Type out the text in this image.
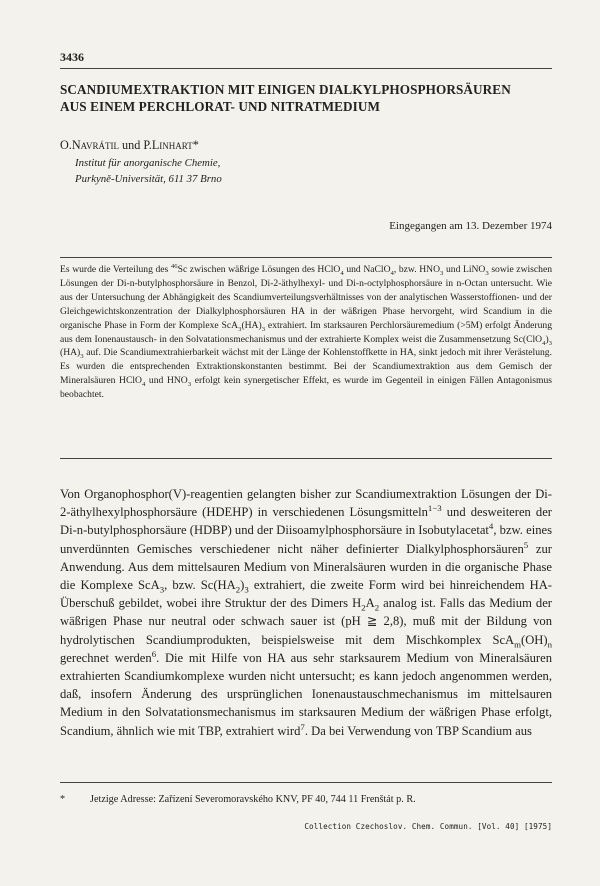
3436
SCANDIUMEXTRAKTION MIT EINIGEN DIALKYLPHOSPHORSÄUREN
AUS EINEM PERCHLORAT- UND NITRATMEDIUM
O.Navrátil und P.Linhart*
Institut für anorganische Chemie,
Purkyně-Universität, 611 37 Brno
Eingegangen am 13. Dezember 1974

Es wurde die Verteilung des $^{46}$Sc zwischen wäßrige Lösungen des HClO$_4$ und NaClO$_4$, bzw. $HNO_3$ und LiNO$_3$ sowie zwischen Lösungen der Di-n-butylphosphorsäure in Benzol, Di-2-äthylhexyl- und Di-n-octylphosphorsäure in n-Octan untersucht. Wie aus der Untersuchung der Abhängigkeit des Scandiumverteilungsverhältnisses von der analytischen Wasserstoffionen- und der Gleichgewichtskonzentration der Dialkylphosphorsäuren HA in der wäßrigen Phase hervorgeht, wird Scandium in die organische Phase in Form der Komplexe $ScA_3(HA)_3$ extrahiert. Im starksauren Perchlorsäuremedium (>5M) erfolgt Änderung aus dem Ionenaustausch- in den Solvatationsmechanismus und der extrahierte Komplex weist die Zusammensetzung $Sc(ClO_4)_3$ $(HA)_3$ auf. Die Scandiumextrahierbarkeit wächst mit der Länge der Kohlenstoffkette in HA, sinkt jedoch mit ihrer Verästelung. Es wurden die entsprechenden Extraktionskonstanten bestimmt. Bei der Scandiumextraktion aus dem Gemisch der Mineralsäuren HClO$_4$ und $HNO_3$ erfolgt kein synergetischer Effekt, es wurde im Gegenteil in einigen Fällen Antagonismus beobachtet.

Von Organophosphor(V)-reagentien gelangten bisher zur Scandiumextraktion Lösungen der Di-2-äthylhexylphosphorsäure (HDEHP) in verschiedenen Lösungsmitteln$^{1-3}$ und desweiteren der Di-n-butylphosphorsäure (HDBP) und der Diisoamylphosphorsäure in Isobutylacetat$^4$, bzw. eines unverdünnten Gemisches verschiedener nicht näher definierter Dialkylphosphorsäuren$^5$ zur Anwendung. Aus dem mittelsauren Medium von Mineralsäuren wurden in die organische Phase die Komplexe ScA$_3$, bzw. $Sc(HA_2)_3$ extrahiert, die zweite Form wird bei hinreichendem HA-Überschuß gebildet, wobei ihre Struktur der des Dimers $H_2A_2$ analog ist. Falls das Medium der wäßrigen Phase nur neutral oder schwach sauer ist (pH ≧ 2,8), muß mit der Bildung von hydrolytischen Scandiumprodukten, beispielsweise mit dem Mischkomplex $ScA_m(OH)_n$ gerechnet werden$^6$. Die mit Hilfe von HA aus sehr starksaurem Medium von Mineralsäuren extrahierten Scandiumkomplexe wurden nicht untersucht; es kann jedoch angenommen werden, daß, insofern Änderung des ursprünglichen Ionenaustauschmechanismus im mittelsauren Medium in den Solvatationsmechanismus im starksauren Medium der wäßrigen Phase erfolgt, Scandium, ähnlich wie mit TBP, extrahiert wird$^7$. Da bei Verwendung von TBP Scandium aus

* Jetzige Adresse: Zařízení Severomoravského KNV, PF 40, 744 11 Frenštát p. R.
Collection Czechoslov. Chem. Commun. [Vol. 40] [1975]
